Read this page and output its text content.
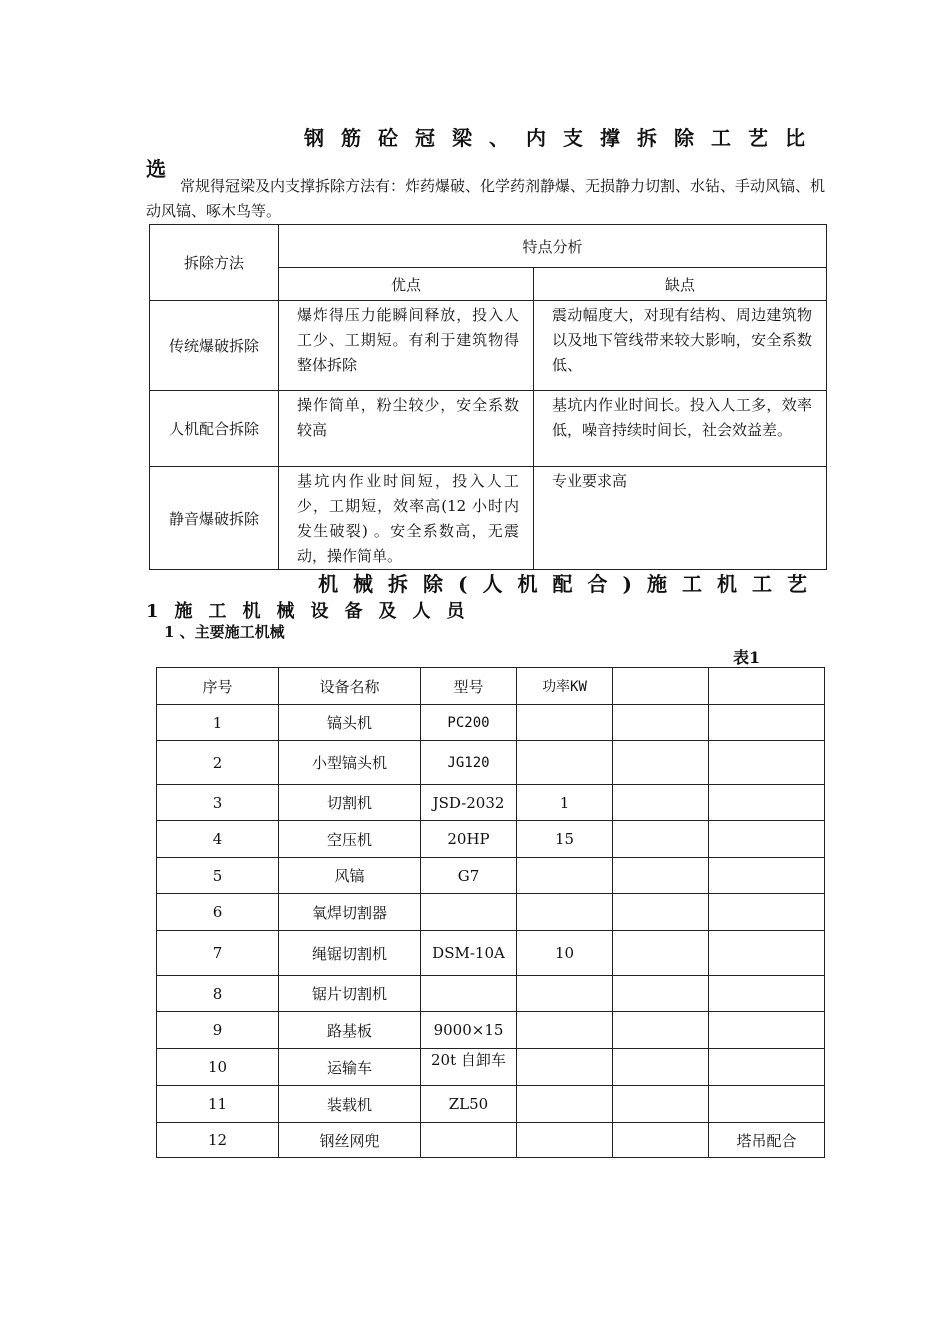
钢筋砼冠梁、内支撑拆除工艺比
选
常规得冠梁及内支撑拆除方法有：炸药爆破、化学药剂静爆、无损静力切割、水钻、手动风镐、机动风镐、啄木鸟等。
拆除方法	特点分析	
	优点	缺点
传统爆破拆除	爆炸得压力能瞬间释放，投入人工少、工期短。有利于建筑物得整体拆除	震动幅度大，对现有结构、周边建筑物以及地下管线带来较大影响，安全系数低、
人机配合拆除	操作简单，粉尘较少，安全系数较高	基坑内作业时间长。投入人工多，效率低，噪音持续时间长，社会效益差。
静音爆破拆除	基坑内作业时间短，投入人工少，工期短，效率高(12 小时内发生破裂) 。安全系数高，无震动，操作简单。	专业要求高
机械拆除(人机配合)施工机工艺
1施工机械设备及人员
1 、主要施工机械
表1
序号	设备名称	型号	功率KW		
1	镐头机	PC200			
2	小型镐头机	JG120			
3	切割机	JSD-2032	1		
4	空压机	20HP	15		
5	风镐	G7			
6	氧焊切割器				
7	绳锯切割机	DSM-10A	10		
8	锯片切割机				
9	路基板	9000×15			
10	运输车	20t 自卸车			

11	装载机	ZL50			
12	钢丝网兜				塔吊配合
